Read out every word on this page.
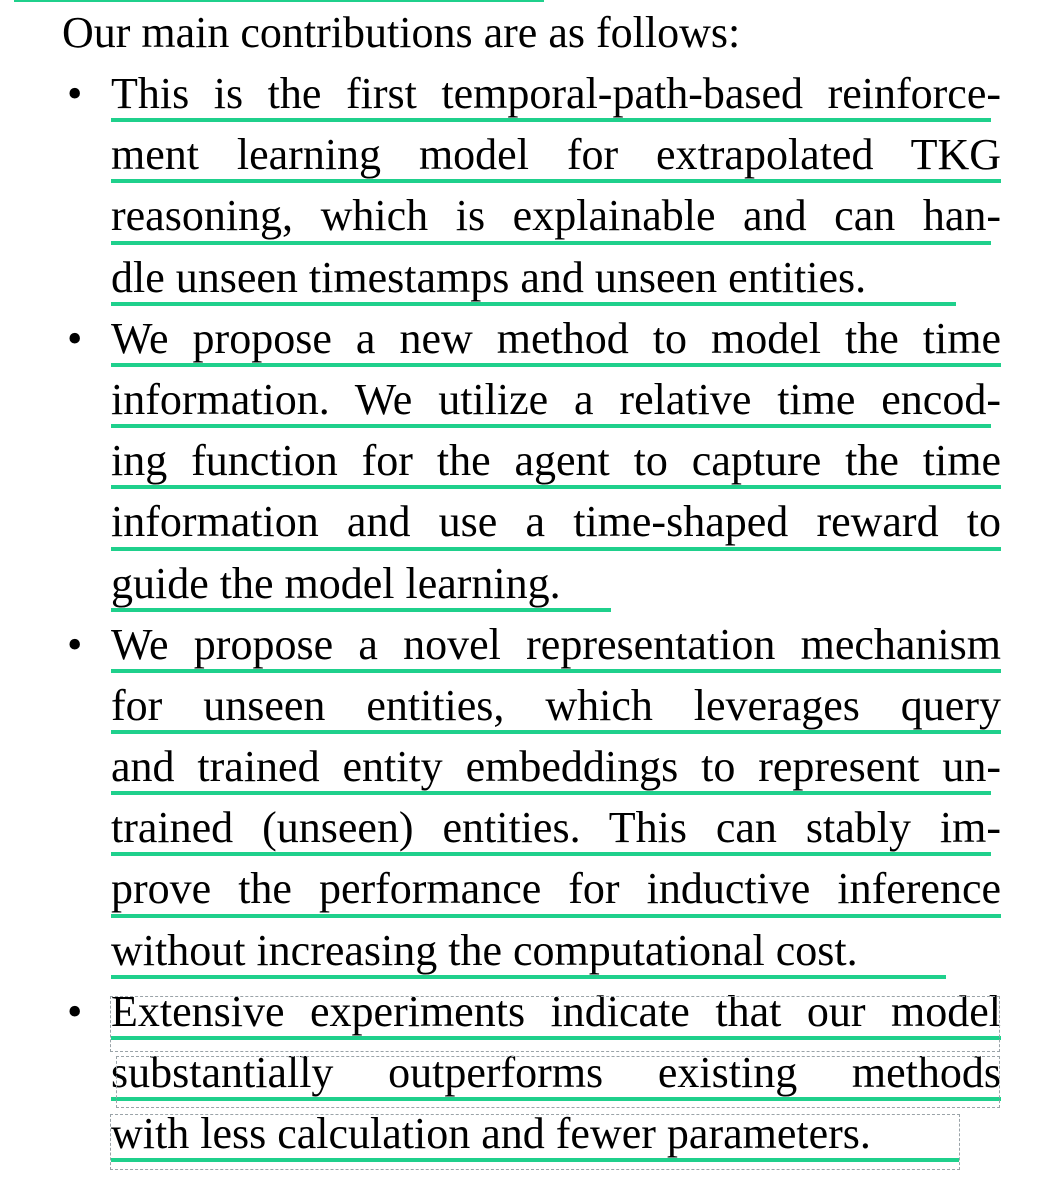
Our main contributions are as follows:
• This is the first temporal-path-based reinforce-
ment learning model for extrapolated TKG
reasoning, which is explainable and can han-
dle unseen timestamps and unseen entities.
• We propose a new method to model the time
information. We utilize a relative time encod-
ing function for the agent to capture the time
information and use a time-shaped reward to
guide the model learning.
• We propose a novel representation mechanism
for unseen entities, which leverages query
and trained entity embeddings to represent un-
trained (unseen) entities. This can stably im-
prove the performance for inductive inference
without increasing the computational cost.
• Extensive experiments indicate that our model
substantially outperforms existing methods
with less calculation and fewer parameters.
